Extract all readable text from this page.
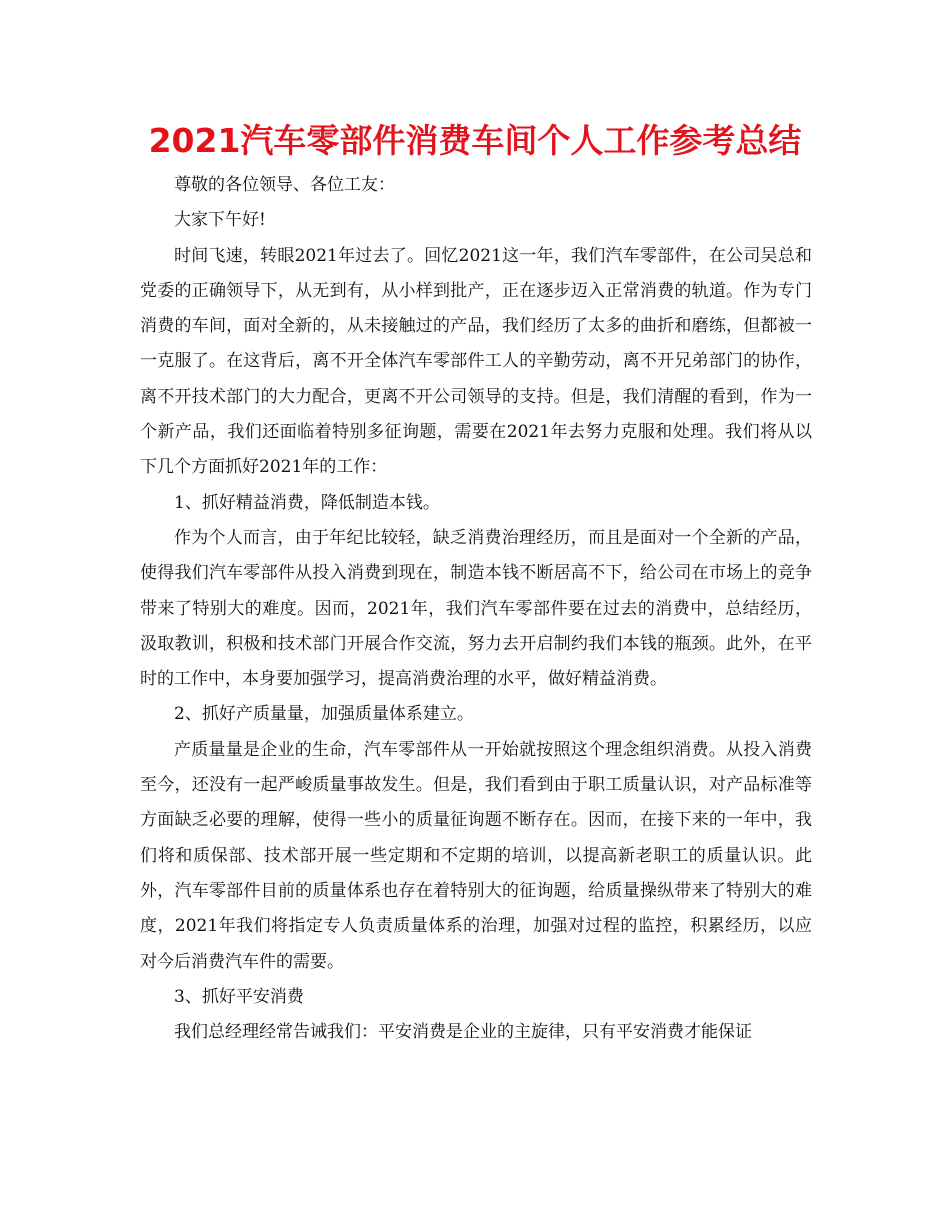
2021汽车零部件消费车间个人工作参考总结

尊敬的各位领导、各位工友：

大家下午好!

时间飞速，转眼2021年过去了。回忆2021这一年，我们汽车零部件，在公司吴总和党委的正确领导下，从无到有，从小样到批产，正在逐步迈入正常消费的轨道。作为专门消费的车间，面对全新的，从未接触过的产品，我们经历了太多的曲折和磨练，但都被一一克服了。在这背后，离不开全体汽车零部件工人的辛勤劳动，离不开兄弟部门的协作，离不开技术部门的大力配合，更离不开公司领导的支持。但是，我们清醒的看到，作为一个新产品，我们还面临着特别多征询题，需要在2021年去努力克服和处理。我们将从以下几个方面抓好2021年的工作：

1、抓好精益消费，降低制造本钱。

作为个人而言，由于年纪比较轻，缺乏消费治理经历，而且是面对一个全新的产品，使得我们汽车零部件从投入消费到现在，制造本钱不断居高不下，给公司在市场上的竞争带来了特别大的难度。因而，2021年，我们汽车零部件要在过去的消费中，总结经历，汲取教训，积极和技术部门开展合作交流，努力去开启制约我们本钱的瓶颈。此外，在平时的工作中，本身要加强学习，提高消费治理的水平，做好精益消费。

2、抓好产质量量，加强质量体系建立。

产质量量是企业的生命，汽车零部件从一开始就按照这个理念组织消费。从投入消费至今，还没有一起严峻质量事故发生。但是，我们看到由于职工质量认识，对产品标准等方面缺乏必要的理解，使得一些小的质量征询题不断存在。因而，在接下来的一年中，我们将和质保部、技术部开展一些定期和不定期的培训，以提高新老职工的质量认识。此外，汽车零部件目前的质量体系也存在着特别大的征询题，给质量操纵带来了特别大的难度，2021年我们将指定专人负责质量体系的治理，加强对过程的监控，积累经历，以应对今后消费汽车件的需要。

3、抓好平安消费

我们总经理经常告诫我们：平安消费是企业的主旋律，只有平安消费才能保证
